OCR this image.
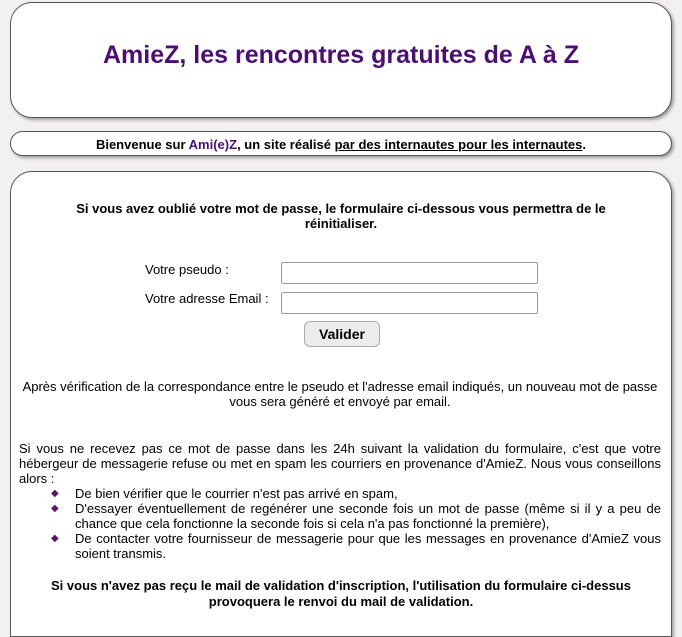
AmieZ, les rencontres gratuites de A à Z
Bienvenue sur Ami(e)Z, un site réalisé par des internautes pour les internautes.
Si vous avez oublié votre mot de passe, le formulaire ci-dessous vous permettra de le réinitialiser.
Votre pseudo :
Votre adresse Email :
Valider
Après vérification de la correspondance entre le pseudo et l'adresse email indiqués, un nouveau mot de passe vous sera généré et envoyé par email.
Si vous ne recevez pas ce mot de passe dans les 24h suivant la validation du formulaire, c'est que votre hébergeur de messagerie refuse ou met en spam les courriers en provenance d'AmieZ. Nous vous conseillons alors :
◆ De bien vérifier que le courrier n'est pas arrivé en spam,
◆ D'essayer éventuellement de regénérer une seconde fois un mot de passe (même si il y a peu de chance que cela fonctionne la seconde fois si cela n'a pas fonctionné la première),
◆ De contacter votre fournisseur de messagerie pour que les messages en provenance d'AmieZ vous soient transmis.
Si vous n'avez pas reçu le mail de validation d'inscription, l'utilisation du formulaire ci-dessus provoquera le renvoi du mail de validation.
